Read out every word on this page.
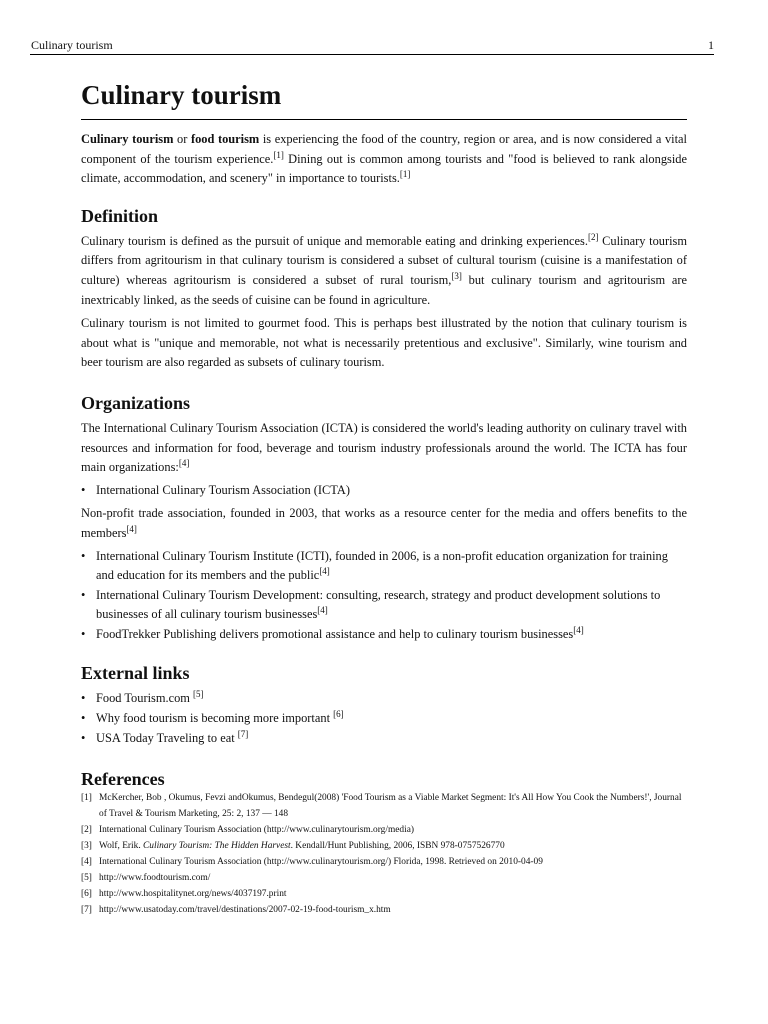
Culinary tourism	1
Culinary tourism

Culinary tourism or food tourism is experiencing the food of the country, region or area, and is now considered a vital component of the tourism experience.[1] Dining out is common among tourists and "food is believed to rank alongside climate, accommodation, and scenery" in importance to tourists.[1]

Definition

Culinary tourism is defined as the pursuit of unique and memorable eating and drinking experiences.[2] Culinary tourism differs from agritourism in that culinary tourism is considered a subset of cultural tourism (cuisine is a manifestation of culture) whereas agritourism is considered a subset of rural tourism,[3] but culinary tourism and agritourism are inextricably linked, as the seeds of cuisine can be found in agriculture.

Culinary tourism is not limited to gourmet food. This is perhaps best illustrated by the notion that culinary tourism is about what is "unique and memorable, not what is necessarily pretentious and exclusive". Similarly, wine tourism and beer tourism are also regarded as subsets of culinary tourism.

Organizations

The International Culinary Tourism Association (ICTA) is considered the world's leading authority on culinary travel with resources and information for food, beverage and tourism industry professionals around the world. The ICTA has four main organizations:[4]

• International Culinary Tourism Association (ICTA)

Non-profit trade association, founded in 2003, that works as a resource center for the media and offers benefits to the members[4]

• International Culinary Tourism Institute (ICTI), founded in 2006, is a non-profit education organization for training and education for its members and the public[4]
• International Culinary Tourism Development: consulting, research, strategy and product development solutions to businesses of all culinary tourism businesses[4]
• FoodTrekker Publishing delivers promotional assistance and help to culinary tourism businesses[4]
External links
• Food Tourism.com [5]
• Why food tourism is becoming more important [6]
• USA Today Traveling to eat [7]
References
[1] McKercher, Bob , Okumus, Fevzi andOkumus, Bendegul(2008) 'Food Tourism as a Viable Market Segment: It's All How You Cook the Numbers!', Journal of Travel & Tourism Marketing, 25: 2, 137 — 148
[2] International Culinary Tourism Association (http://www.culinarytourism.org/media)
[3] Wolf, Erik. Culinary Tourism: The Hidden Harvest. Kendall/Hunt Publishing, 2006, ISBN 978-0757526770
[4] International Culinary Tourism Association (http://www.culinarytourism.org/) Florida, 1998. Retrieved on 2010-04-09
[5] http://www.foodtourism.com/
[6] http://www.hospitalitynet.org/news/4037197.print
[7] http://www.usatoday.com/travel/destinations/2007-02-19-food-tourism_x.htm
